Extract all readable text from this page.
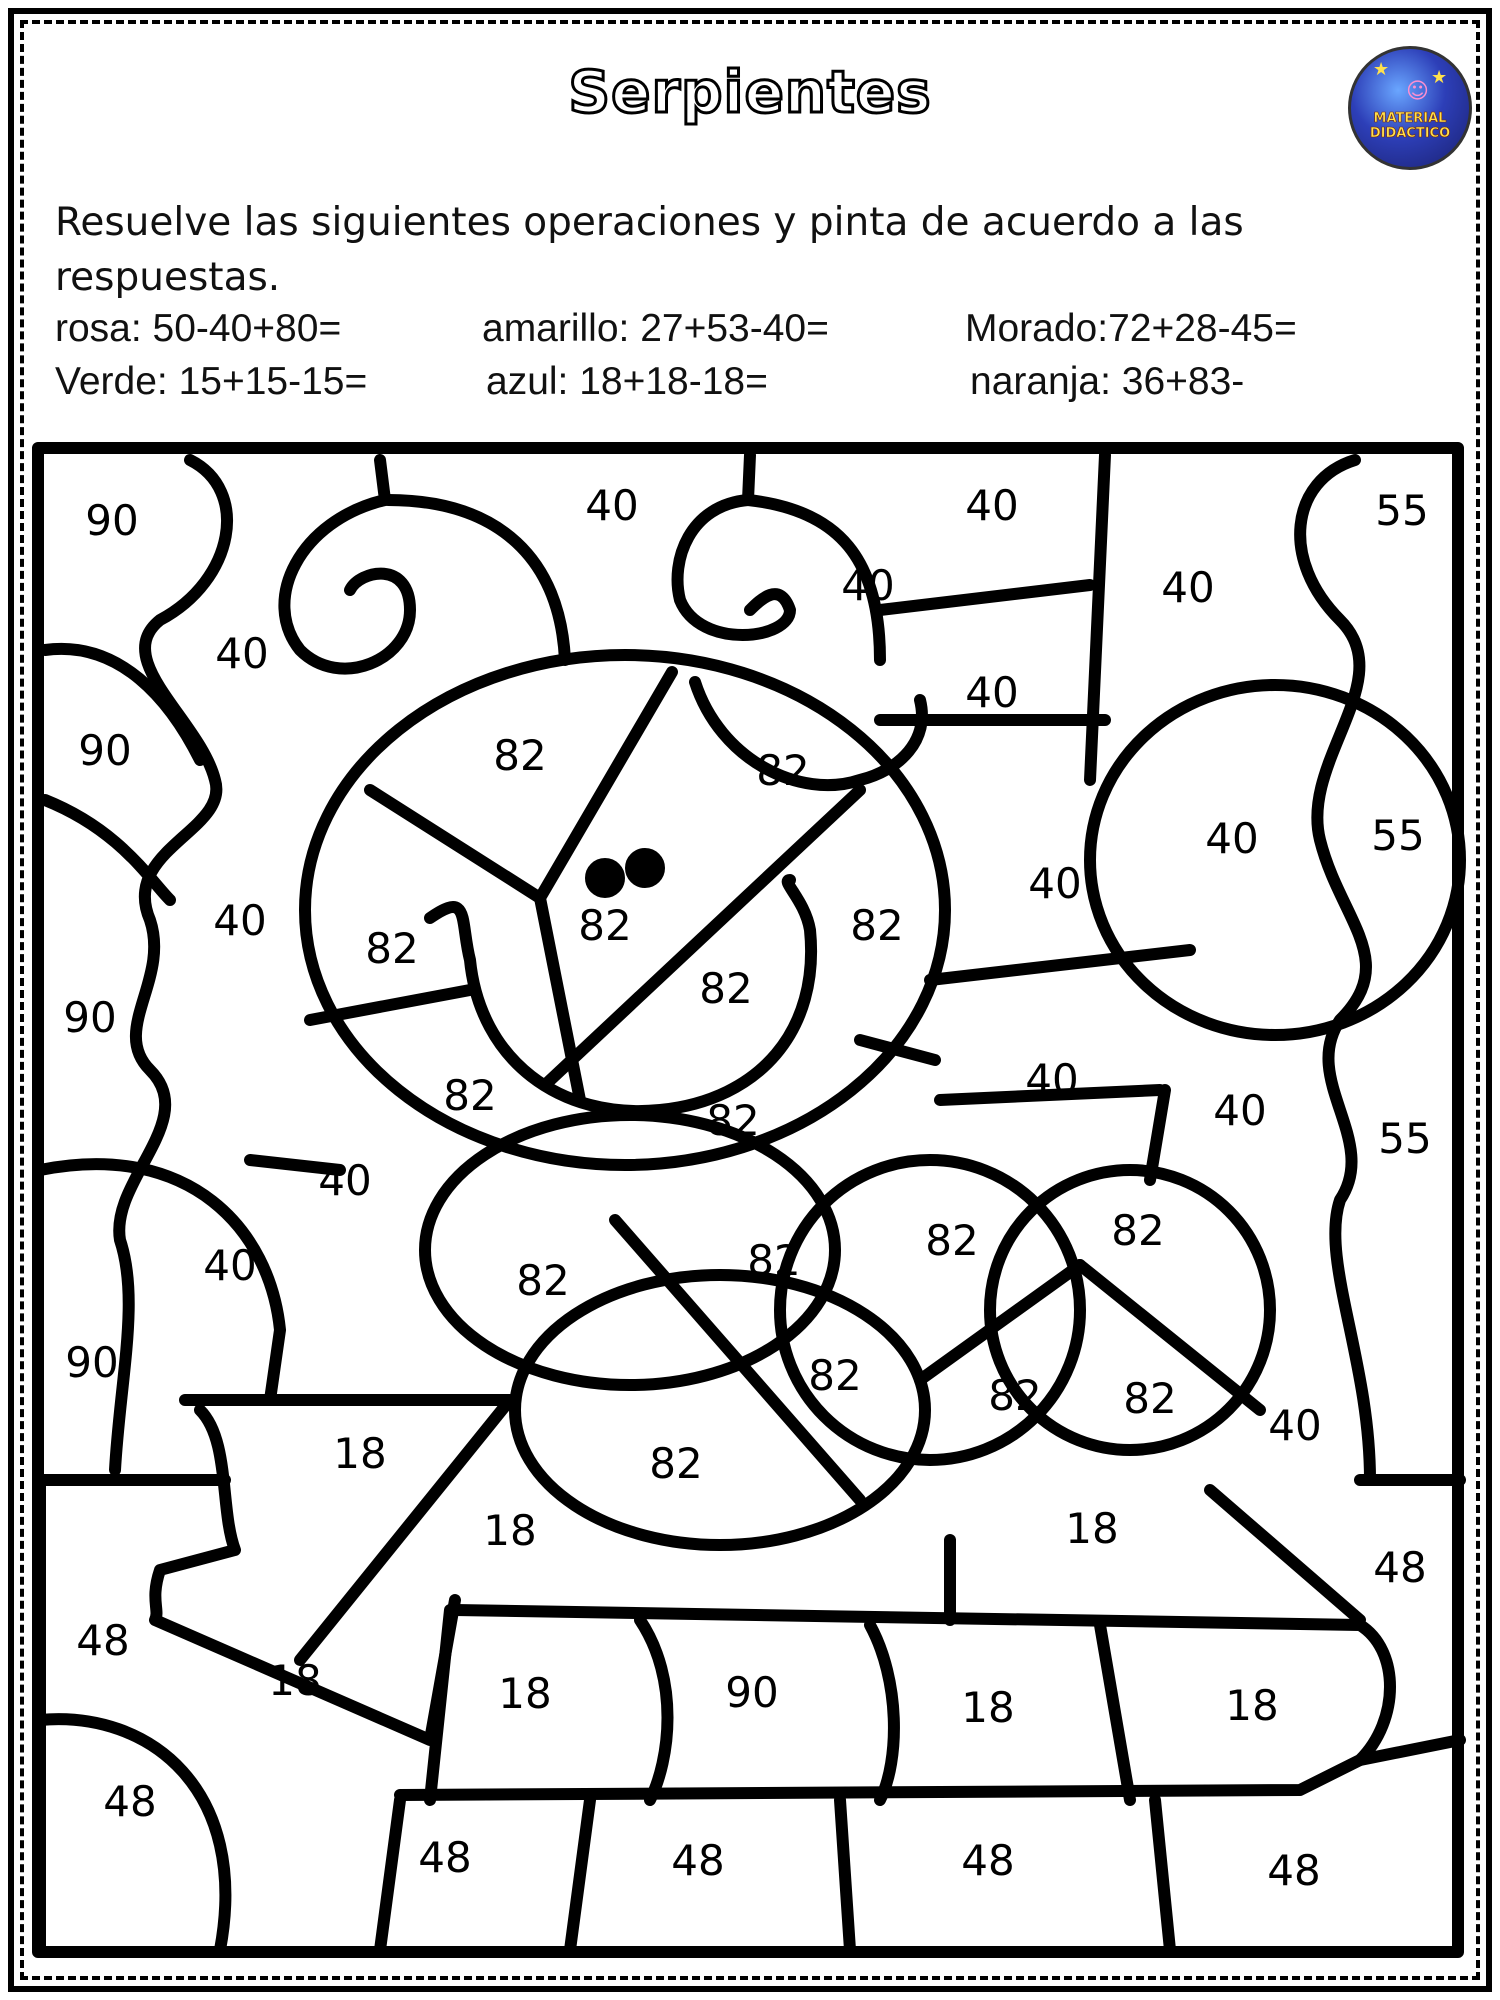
Serpientes	★ ★
☺
MATERIAL DIDACTICO
Resuelve las siguientes operaciones y pinta de acuerdo a las respuestas.
rosa: 50-40+80=	amarillo: 27+53-40=	Morado:72+28-45=
Verde: 15+15-15=	azul: 18+18-18=	naranja: 36+83-
90	40	40
40
55
40
40
40
90
40
82	82
40	55
40
82	82	82
82
90
82
82
40
40
55
40
40
82
82
82	82
90	82	82 82
40
18	82
18	18
48
48
18	18	90	18	18
48
48	48	48	48
